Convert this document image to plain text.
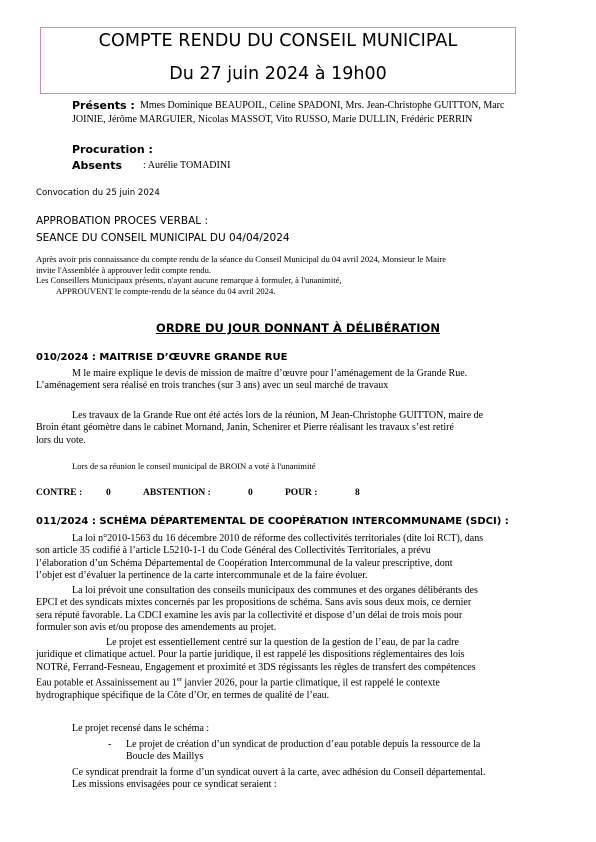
COMPTE RENDU DU CONSEIL MUNICIPAL
Du 27 juin 2024 à 19h00
Présents : Mmes Dominique BEAUPOIL, Céline SPADONI, Mrs. Jean-Christophe GUITTON, Marc
JOINIE, Jérôme MARGUIER, Nicolas MASSOT, Vito RUSSO, Marie DULLIN, Frédéric PERRIN
Procuration :
Absents : Aurélie TOMADINI
Convocation du 25 juin 2024
APPROBATION PROCES VERBAL :
SEANCE DU CONSEIL MUNICIPAL DU 04/04/2024
Après avoir pris connaissance du compte rendu de la séance du Conseil Municipal du 04 avril 2024, Monsieur le Maire
invite l'Assemblée à approuver ledit compte rendu.
Les Conseillers Municipaux présents, n'ayant aucune remarque à formuler, à l'unanimité,
APPROUVENT le compte-rendu de la séance du 04 avril 2024.
ORDRE DU JOUR DONNANT À DÉLIBÉRATION
010/2024 : MAITRISE D’ŒUVRE GRANDE RUE
M le maire explique le devis de mission de maître d’œuvre pour l’aménagement de la Grande Rue.
L’aménagement sera réalisé en trois tranches (sur 3 ans) avec un seul marché de travaux
Les travaux de la Grande Rue ont été actés lors de la réunion, M Jean-Christophe GUITTON, maire de
Broin étant géomètre dans le cabinet Mornand, Janin, Schenirer et Pierre réalisant les travaux s’est retiré
lors du vote.
Lors de sa réunion le conseil municipal de BROIN a voté à l'unanimité
CONTRE :	0	ABSTENTION :	0	POUR :	8
011/2024 : SCHÉMA DÉPARTEMENTAL DE COOPÉRATION INTERCOMMUNAME (SDCI) :
La loi n°2010-1563 du 16 décembre 2010 de réforme des collectivités territoriales (dite loi RCT), dans
son article 35 codifié à l’article L5210-1-1 du Code Général des Collectivités Territoriales, a prévu
l’élaboration d’un Schéma Départemental de Coopération Intercommunal de la valeur prescriptive, dont
l’objet est d’évaluer la pertinence de la carte intercommunale et de la faire évoluer.
La loi prévoit une consultation des conseils municipaux des communes et des organes délibérants des
EPCI et des syndicats mixtes concernés par les propositions de schéma. Sans avis sous deux mois, ce dernier
sera réputé favorable. La CDCI examine les avis par la collectivité et dispose d’un délai de trois mois pour
formuler son avis et/ou propose des amendements au projet.
Le projet est essentiellement centré sur la question de la gestion de l’eau, de par la cadre
juridique et climatique actuel. Pour la partie juridique, il est rappelé les dispositions réglementaires des lois
NOTRé, Ferrand-Fesneau, Engagement et proximité et 3DS régissants les règles de transfert des compétences
Eau potable et Assainissement au 1er janvier 2026, pour la partie climatique, il est rappelé le contexte
hydrographique spécifique de la Côte d’Or, en termes de qualité de l’eau.
Le projet recensé dans le schéma :
- Le projet de création d’un syndicat de production d’eau potable depuis la ressource de la
Boucle des Maillys
Ce syndicat prendrait la forme d’un syndicat ouvert à la carte, avec adhésion du Conseil départemental.
Les missions envisagées pour ce syndicat seraient :
